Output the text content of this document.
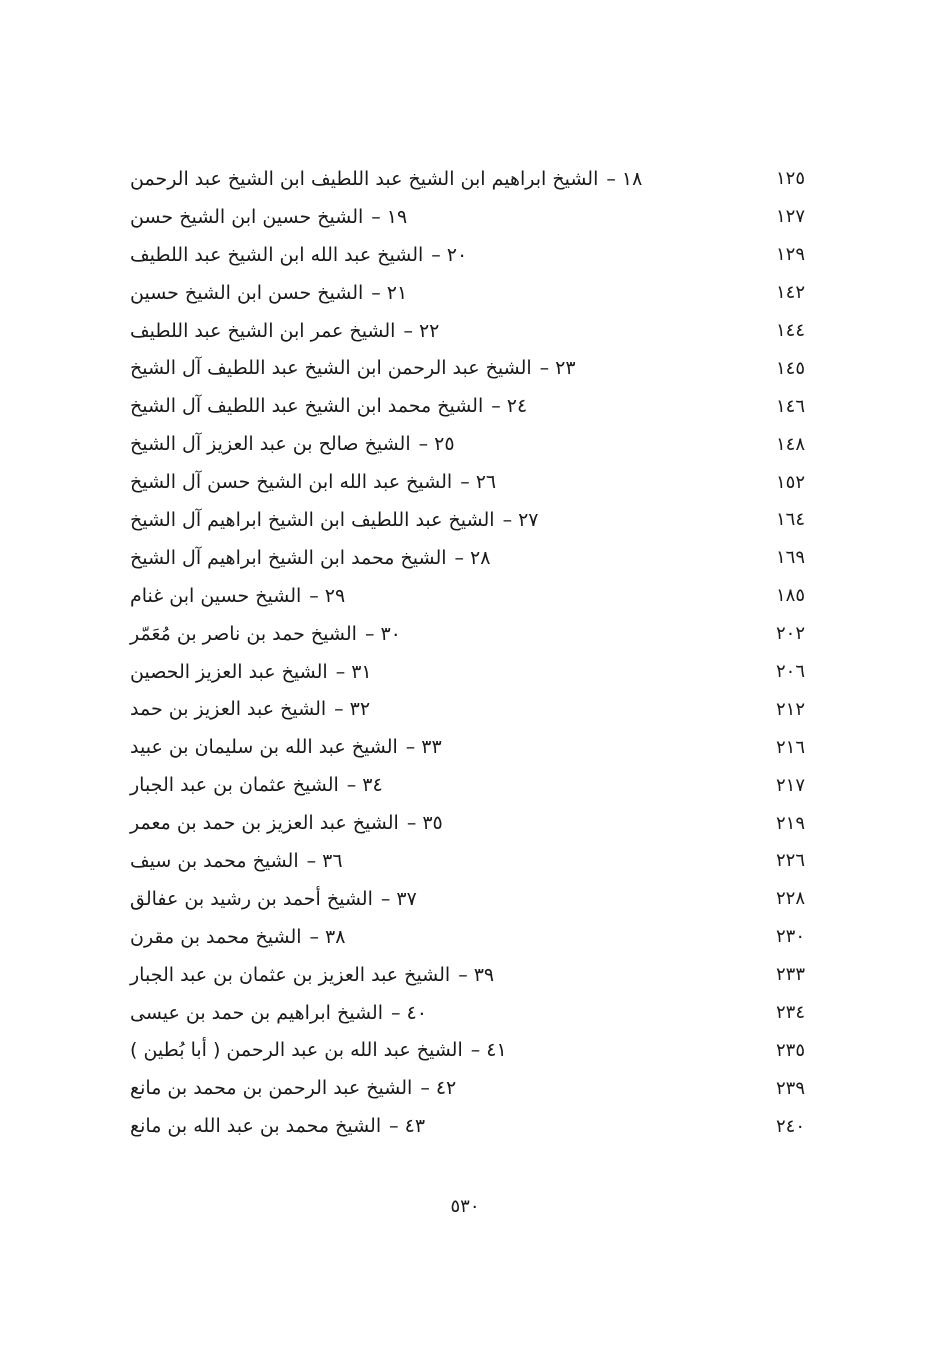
١٨–الشيخ ابراهيم ابن الشيخ عبد اللطيف ابن الشيخ عبد الرحمن	١٢٥
١٩–الشيخ حسين ابن الشيخ حسن	١٢٧
٢٠–الشيخ عبد الله ابن الشيخ عبد اللطيف	١٢٩
٢١–الشيخ حسن ابن الشيخ حسين	١٤٢
٢٢–الشيخ عمر ابن الشيخ عبد اللطيف	١٤٤
٢٣–الشيخ عبد الرحمن ابن الشيخ عبد اللطيف آل الشيخ	١٤٥
٢٤–الشيخ محمد ابن الشيخ عبد اللطيف آل الشيخ	١٤٦
٢٥–الشيخ صالح بن عبد العزيز آل الشيخ	١٤٨
٢٦–الشيخ عبد الله ابن الشيخ حسن آل الشيخ	١٥٢
٢٧–الشيخ عبد اللطيف ابن الشيخ ابراهيم آل الشيخ	١٦٤
٢٨–الشيخ محمد ابن الشيخ ابراهيم آل الشيخ	١٦٩
٢٩–الشيخ حسين ابن غنام	١٨٥
٣٠–الشيخ حمد بن ناصر بن مُعَمّر	٢٠٢
٣١–الشيخ عبد العزيز الحصين	٢٠٦
٣٢–الشيخ عبد العزيز بن حمد	٢١٢
٣٣–الشيخ عبد الله بن سليمان بن عبيد	٢١٦
٣٤–الشيخ عثمان بن عبد الجبار	٢١٧
٣٥–الشيخ عبد العزيز بن حمد بن معمر	٢١٩
٣٦–الشيخ محمد بن سيف	٢٢٦
٣٧–الشيخ أحمد بن رشيد بن عفالق	٢٢٨
٣٨–الشيخ محمد بن مقرن	٢٣٠
٣٩–الشيخ عبد العزيز بن عثمان بن عبد الجبار	٢٣٣
٤٠–الشيخ ابراهيم بن حمد بن عيسى	٢٣٤
٤١–الشيخ عبد الله بن عبد الرحمن ( أبا بُطين )	٢٣٥
٤٢–الشيخ عبد الرحمن بن محمد بن مانع	٢٣٩
٤٣–الشيخ محمد بن عبد الله بن مانع	٢٤٠
٥٣٠
